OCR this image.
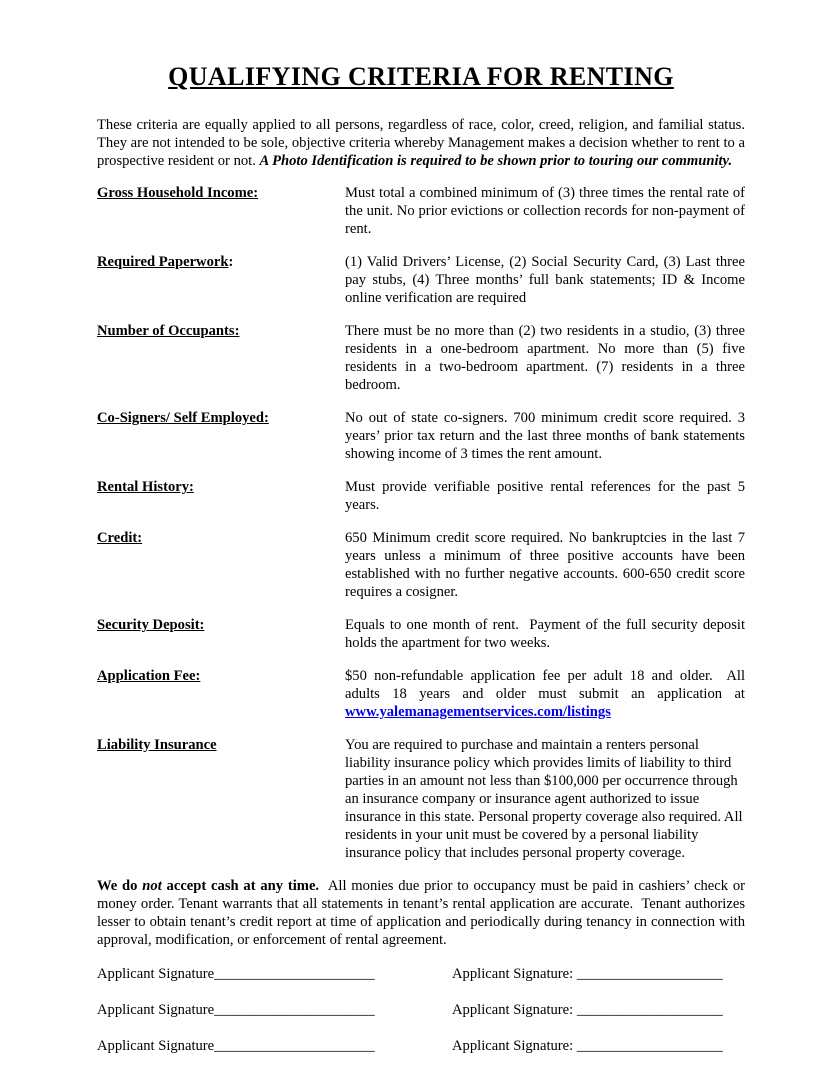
QUALIFYING CRITERIA FOR RENTING

These criteria are equally applied to all persons, regardless of race, color, creed, religion, and familial status. They are not intended to be sole, objective criteria whereby Management makes a decision whether to rent to a prospective resident or not. A Photo Identification is required to be shown prior to touring our community.

Gross Household Income:	Must total a combined minimum of (3) three times the rental rate of the unit. No prior evictions or collection records for non-payment of rent.
Required Paperwork:	(1) Valid Drivers’ License, (2) Social Security Card, (3) Last three pay stubs, (4) Three months’ full bank statements; ID & Income online verification are required
Number of Occupants:	There must be no more than (2) two residents in a studio, (3) three residents in a one-bedroom apartment. No more than (5) five residents in a two-bedroom apartment. (7) residents in a three bedroom.
Co-Signers/ Self Employed:	No out of state co-signers. 700 minimum credit score required. 3 years’ prior tax return and the last three months of bank statements showing income of 3 times the rent amount.
Rental History:	Must provide verifiable positive rental references for the past 5 years.
Credit:	650 Minimum credit score required. No bankruptcies in the last 7 years unless a minimum of three positive accounts have been established with no further negative accounts. 600-650 credit score requires a cosigner.
Security Deposit:	Equals to one month of rent.  Payment of the full security deposit holds the apartment for two weeks.
Application Fee:	$50 non-refundable application fee per adult 18 and older.  All adults 18 years and older must submit an application at www.yalemanagementservices.com/listings
Liability Insurance	You are required to purchase and maintain a renters personal liability insurance policy which provides limits of liability to third parties in an amount not less than $100,000 per occurrence through an insurance company or insurance agent authorized to issue insurance in this state. Personal property coverage also required. All residents in your unit must be covered by a personal liability insurance policy that includes personal property coverage.

We do not accept cash at any time.  All monies due prior to occupancy must be paid in cashiers’ check or money order. Tenant warrants that all statements in tenant’s rental application are accurate.  Tenant authorizes lesser to obtain tenant’s credit report at time of application and periodically during tenancy in connection with approval, modification, or enforcement of rental agreement.

Applicant Signature______________________	Applicant Signature: ____________________
Applicant Signature______________________	Applicant Signature: ____________________
Applicant Signature______________________	Applicant Signature: ____________________
